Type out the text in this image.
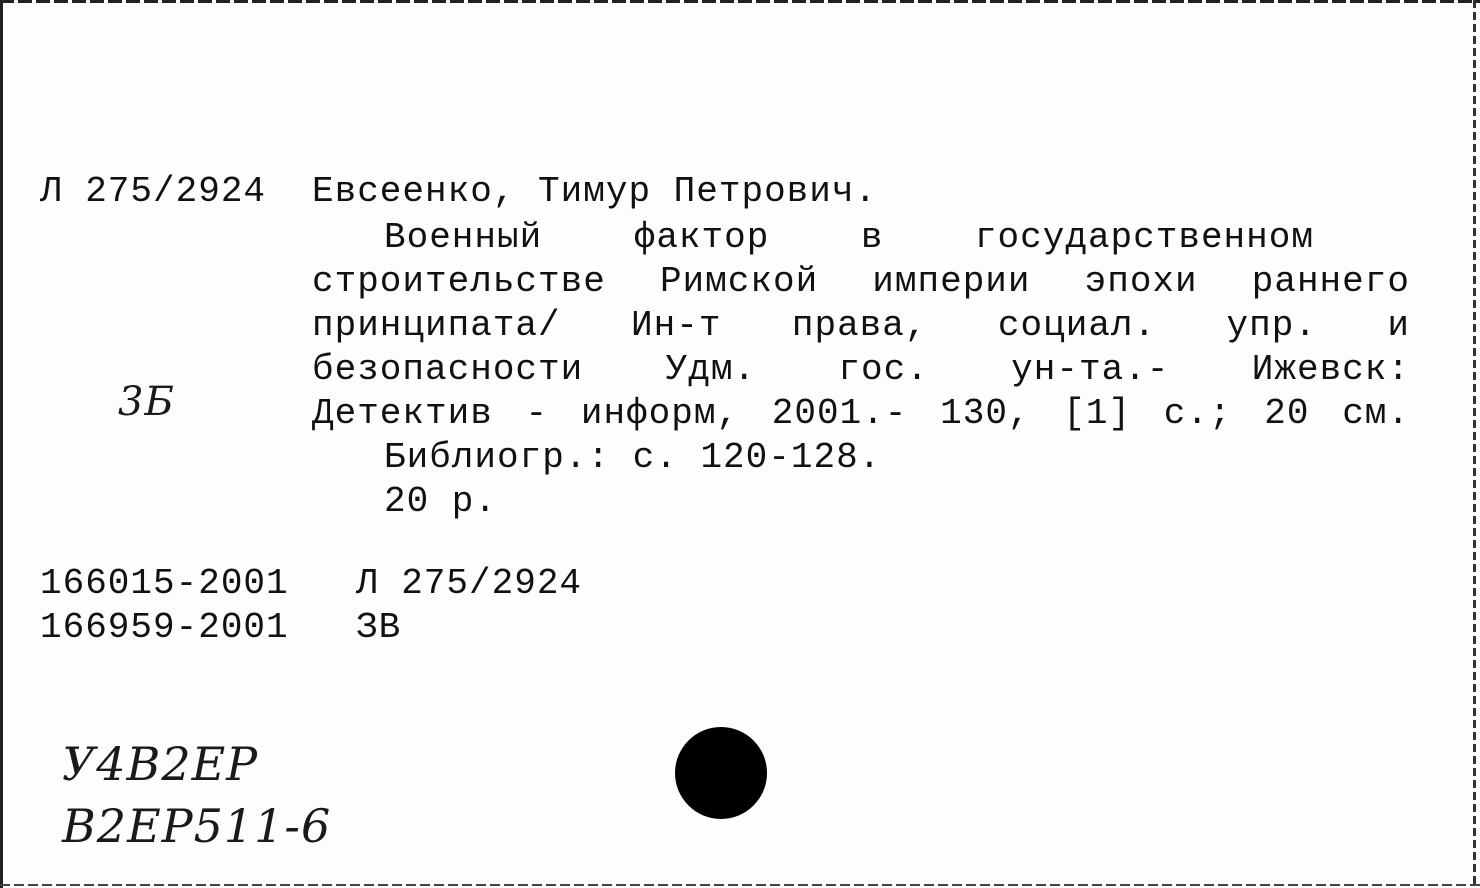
Л 275/2924 Евсеенко, Тимур Петрович.

Военный	фактор	в	государственном
строительстве Римской империи эпохи раннего
принципата/ Ин-т права, социал. упр. и
безопасности Удм. гос. ун-та.- Ижевск:
Детектив - информ, 2001.- 130, [1] с.; 20 см.

Библиогр.: с. 120-128.

20 р.

3Б

166015-2001 Л 275/2924

166959-2001 ЗВ

У4В2ЕР

В2ЕР511-6
